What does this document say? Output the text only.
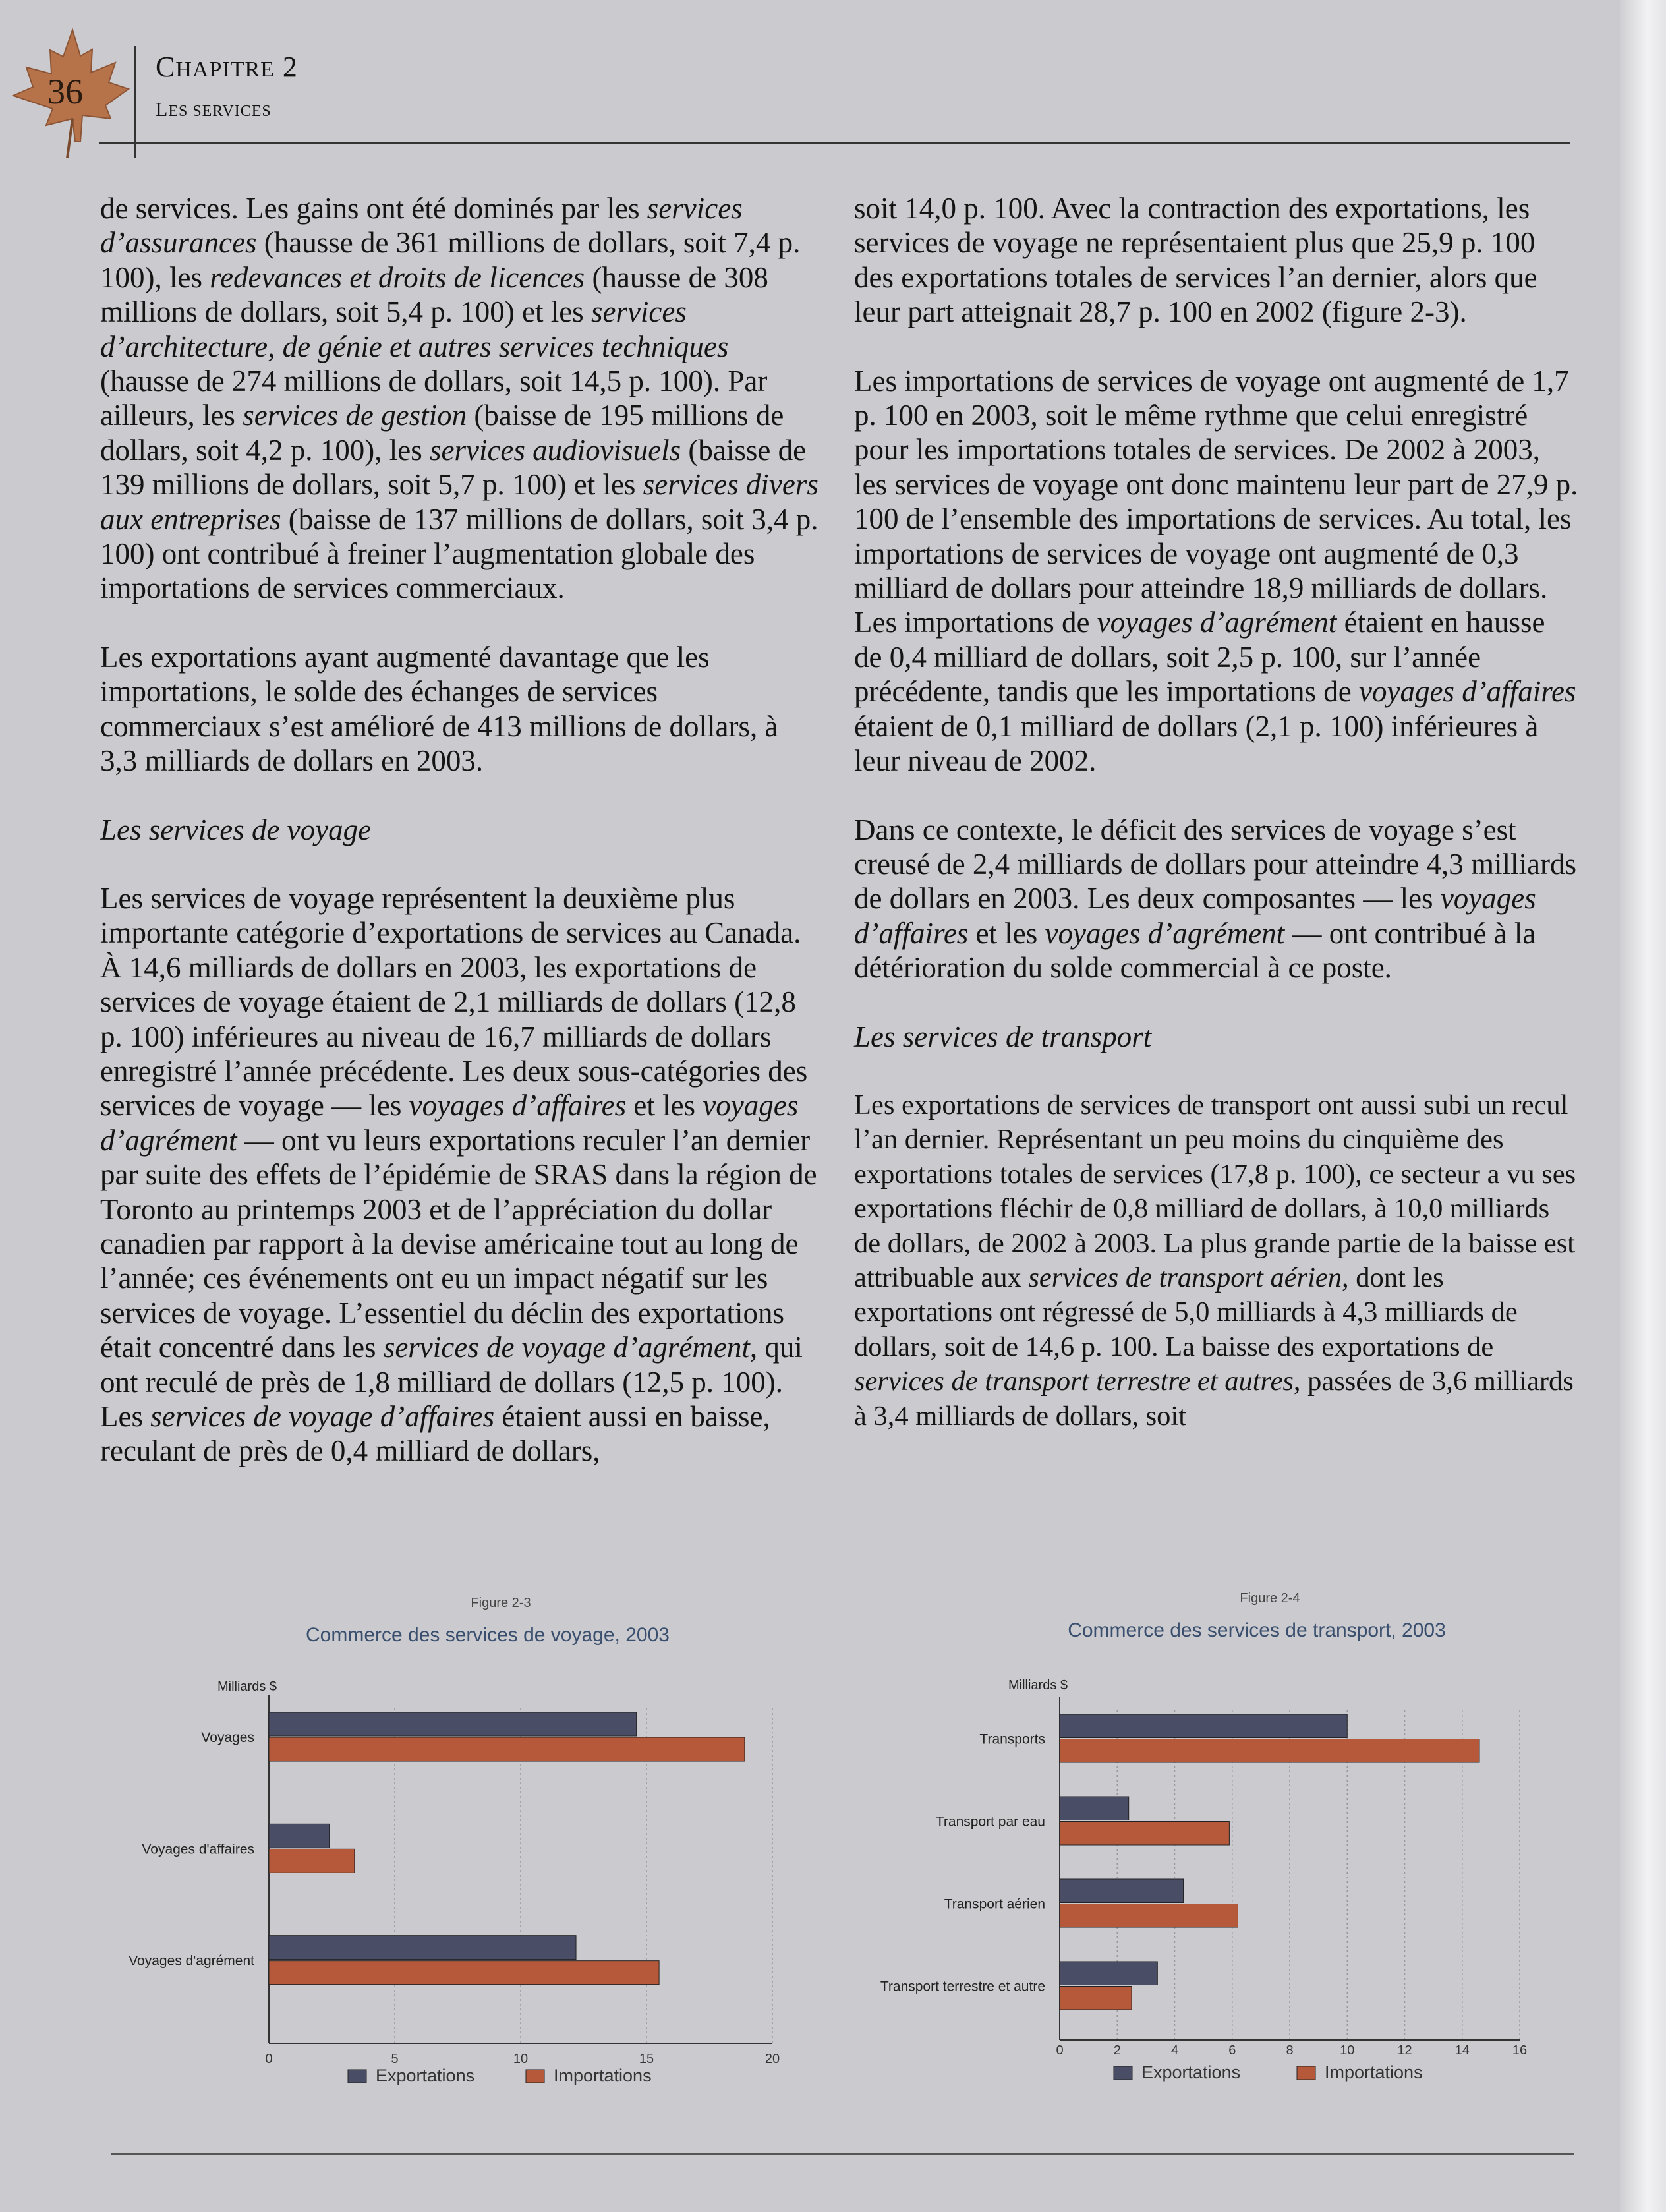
36
CHAPITRE 2
LES SERVICES

de services. Les gains ont été dominés par les services d’assurances (hausse de 361 millions de dollars, soit 7,4 p. 100), les redevances et droits de licences (hausse de 308 millions de dollars, soit 5,4 p. 100) et les services d’architecture, de génie et autres services techniques (hausse de 274 millions de dollars, soit 14,5 p. 100). Par ailleurs, les services de gestion (baisse de 195 millions de dollars, soit 4,2 p. 100), les services audiovisuels (baisse de 139 millions de dollars, soit 5,7 p. 100) et les services divers aux entreprises (baisse de 137 millions de dollars, soit 3,4 p. 100) ont contribué à freiner l’augmentation globale des importations de services commerciaux.

Les exportations ayant augmenté davantage que les importations, le solde des échanges de services commerciaux s’est amélioré de 413 millions de dollars, à 3,3 milliards de dollars en 2003.

Les services de voyage

Les services de voyage représentent la deuxième plus importante catégorie d’exportations de services au Canada. À 14,6 milliards de dollars en 2003, les exportations de services de voyage étaient de 2,1 milliards de dollars (12,8 p. 100) inférieures au niveau de 16,7 milliards de dollars enregistré l’année précédente. Les deux sous-catégories des services de voyage — les voyages d’affaires et les voyages d’agrément — ont vu leurs exportations reculer l’an dernier par suite des effets de l’épidémie de SRAS dans la région de Toronto au printemps 2003 et de l’appréciation du dollar canadien par rapport à la devise américaine tout au long de l’année; ces événements ont eu un impact négatif sur les services de voyage. L’essentiel du déclin des exportations était concentré dans les services de voyage d’agrément, qui ont reculé de près de 1,8 milliard de dollars (12,5 p. 100). Les services de voyage d’affaires étaient aussi en baisse, reculant de près de 0,4 milliard de dollars,

soit 14,0 p. 100. Avec la contraction des exportations, les services de voyage ne représentaient plus que 25,9 p. 100 des exportations totales de services l’an dernier, alors que leur part atteignait 28,7 p. 100 en 2002 (figure 2-3).

Les importations de services de voyage ont augmenté de 1,7 p. 100 en 2003, soit le même rythme que celui enregistré pour les importations totales de services. De 2002 à 2003, les services de voyage ont donc maintenu leur part de 27,9 p. 100 de l’ensemble des importations de services. Au total, les importations de services de voyage ont augmenté de 0,3 milliard de dollars pour atteindre 18,9 milliards de dollars. Les importations de voyages d’agrément étaient en hausse de 0,4 milliard de dollars, soit 2,5 p. 100, sur l’année précédente, tandis que les importations de voyages d’affaires étaient de 0,1 milliard de dollars (2,1 p. 100) inférieures à leur niveau de 2002.

Dans ce contexte, le déficit des services de voyage s’est creusé de 2,4 milliards de dollars pour atteindre 4,3 milliards de dollars en 2003. Les deux composantes — les voyages d’affaires et les voyages d’agrément — ont contribué à la détérioration du solde commercial à ce poste.

Les services de transport

Les exportations de services de transport ont aussi subi un recul l’an dernier. Représentant un peu moins du cinquième des exportations totales de services (17,8 p. 100), ce secteur a vu ses exportations fléchir de 0,8 milliard de dollars, à 10,0 milliards de dollars, de 2002 à 2003. La plus grande partie de la baisse est attribuable aux services de transport aérien, dont les exportations ont régressé de 5,0 milliards à 4,3 milliards de dollars, soit de 14,6 p. 100. La baisse des exportations de services de transport terrestre et autres, passées de 3,6 milliards à 3,4 milliards de dollars, soit

Figure 2-3
Commerce des services de voyage, 2003
Milliards $
0	5	10	15	20
Voyages
Voyages d'affaires
Voyages d'agrément
Exportations	Importations
Figure 2-4
Commerce des services de transport, 2003
Milliards $
0	2	4	6	8	10	12	14	16
Transports
Transport par eau
Transport aérien
Transport terrestre et autre
Exportations	Importations
